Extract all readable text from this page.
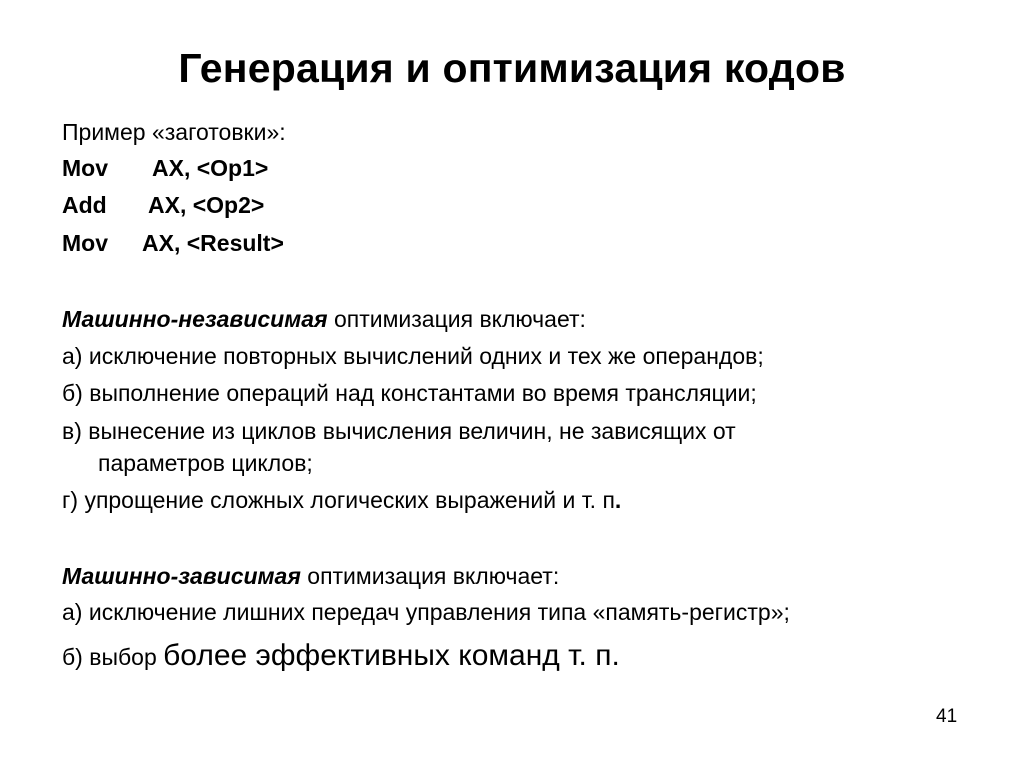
Генерация и оптимизация кодов
Пример «заготовки»:
Mov AX, <Op1>
Add AX, <Op2>
Mov AX, <Result>
Машинно-независимая оптимизация включает:
а) исключение повторных вычислений одних и тех же операндов;
б) выполнение операций над константами во время трансляции;
в) вынесение из циклов вычисления величин, не зависящих от
параметров циклов;
г) упрощение сложных логических выражений и т. п.
Машинно-зависимая оптимизация включает:
а) исключение лишних передач управления типа «память-регистр»;
б) выбор более эффективных команд т. п.
41
